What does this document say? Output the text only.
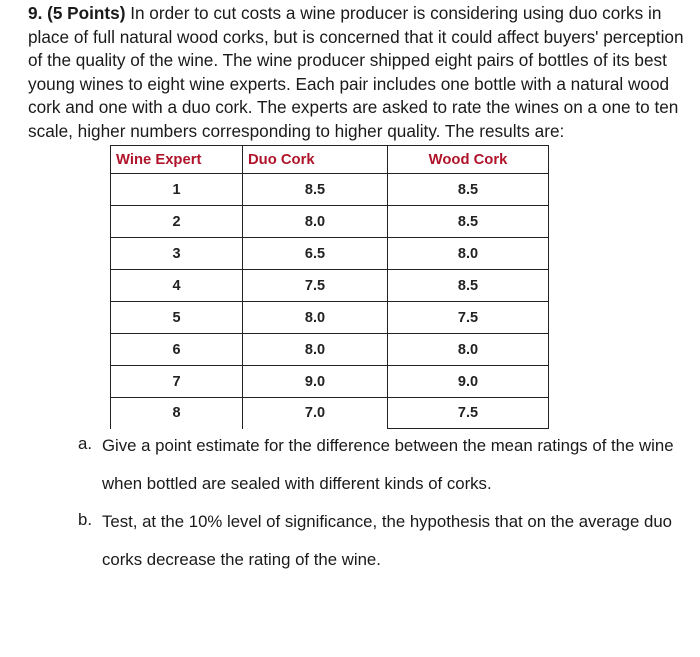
9. (5 Points) In order to cut costs a wine producer is considering using duo corks in
place of full natural wood corks, but is concerned that it could affect buyers' perception
of the quality of the wine. The wine producer shipped eight pairs of bottles of its best
young wines to eight wine experts. Each pair includes one bottle with a natural wood
cork and one with a duo cork. The experts are asked to rate the wines on a one to ten
scale, higher numbers corresponding to higher quality. The results are:
Wine Expert	Duo Cork	Wood Cork
1	8.5	8.5
2	8.0	8.5
3	6.5	8.0
4	7.5	8.5
5	8.0	7.5
6	8.0	8.0
7	9.0	9.0
8	7.0	7.5
a. Give a point estimate for the difference between the mean ratings of the wine
when bottled are sealed with different kinds of corks.
b. Test, at the 10% level of significance, the hypothesis that on the average duo
corks decrease the rating of the wine.
